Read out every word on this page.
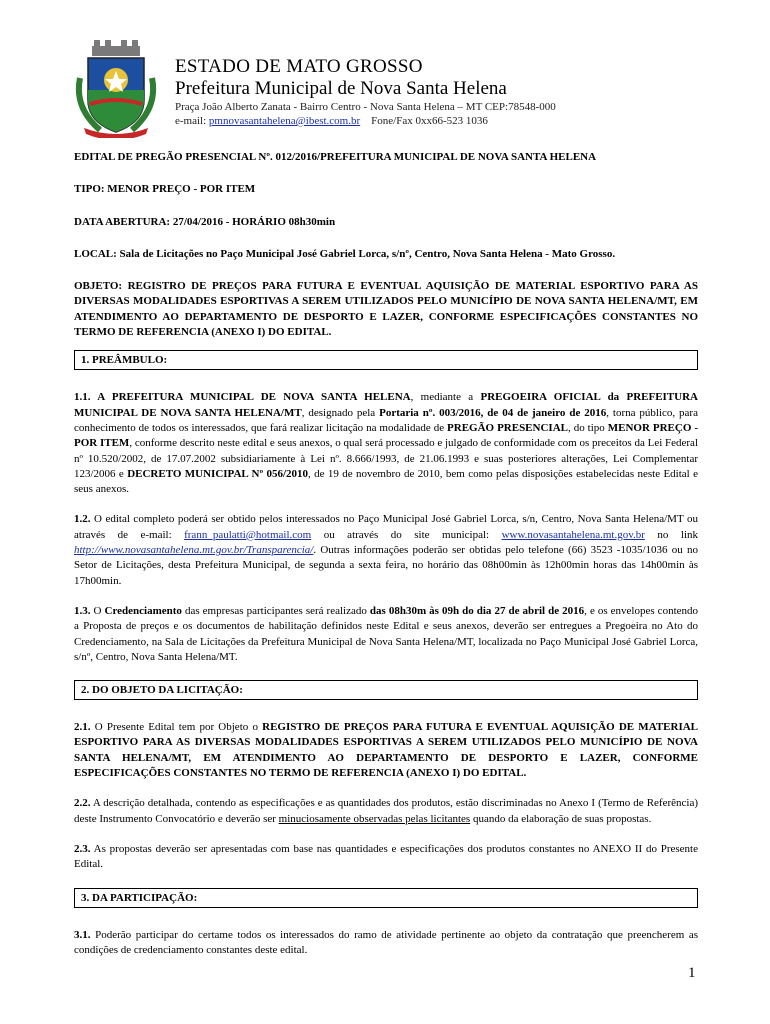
ESTADO DE MATO GROSSO
Prefeitura Municipal de Nova Santa Helena
Praça João Alberto Zanata - Bairro Centro - Nova Santa Helena – MT CEP:78548-000
e-mail: pmnovasantahelena@ibest.com.br Fone/Fax 0xx66-523 1036
EDITAL DE PREGÃO PRESENCIAL Nº. 012/2016/PREFEITURA MUNICIPAL DE NOVA SANTA HELENA
TIPO: MENOR PREÇO - POR ITEM
DATA ABERTURA: 27/04/2016 - HORÁRIO 08h30min
LOCAL: Sala de Licitações no Paço Municipal José Gabriel Lorca, s/nº, Centro, Nova Santa Helena - Mato Grosso.
OBJETO: REGISTRO DE PREÇOS PARA FUTURA E EVENTUAL AQUISIÇÃO DE MATERIAL ESPORTIVO PARA AS DIVERSAS MODALIDADES ESPORTIVAS A SEREM UTILIZADOS PELO MUNICÍPIO DE NOVA SANTA HELENA/MT, EM ATENDIMENTO AO DEPARTAMENTO DE DESPORTO E LAZER, CONFORME ESPECIFICAÇÕES CONSTANTES NO TERMO DE REFERENCIA (ANEXO I) DO EDITAL.
1. PREÂMBULO:

1.1. A PREFEITURA MUNICIPAL DE NOVA SANTA HELENA, mediante a PREGOEIRA OFICIAL da PREFEITURA MUNICIPAL DE NOVA SANTA HELENA/MT, designado pela Portaria nº. 003/2016, de 04 de janeiro de 2016, torna público, para conhecimento de todos os interessados, que fará realizar licitação na modalidade de PREGÃO PRESENCIAL, do tipo MENOR PREÇO - POR ITEM, conforme descrito neste edital e seus anexos, o qual será processado e julgado de conformidade com os preceitos da Lei Federal nº 10.520/2002, de 17.07.2002 subsidiariamente à Lei nº. 8.666/1993, de 21.06.1993 e suas posteriores alterações, Lei Complementar 123/2006 e DECRETO MUNICIPAL Nº 056/2010, de 19 de novembro de 2010, bem como pelas disposições estabelecidas neste Edital e seus anexos.

1.2. O edital completo poderá ser obtido pelos interessados no Paço Municipal José Gabriel Lorca, s/n, Centro, Nova Santa Helena/MT ou através de e-mail: frann_paulatti@hotmail.com ou através do site municipal: www.novasantahelena.mt.gov.br no link http://www.novasantahelena.mt.gov.br/Transparencia/. Outras informações poderão ser obtidas pelo telefone (66) 3523 -1035/1036 ou no Setor de Licitações, desta Prefeitura Municipal, de segunda a sexta feira, no horário das 08h00min às 12h00min horas das 14h00min às 17h00min.

1.3. O Credenciamento das empresas participantes será realizado das 08h30m às 09h do dia 27 de abril de 2016, e os envelopes contendo a Proposta de preços e os documentos de habilitação definidos neste Edital e seus anexos, deverão ser entregues a Pregoeira no Ato do Credenciamento, na Sala de Licitações da Prefeitura Municipal de Nova Santa Helena/MT, localizada no Paço Municipal José Gabriel Lorca, s/nº, Centro, Nova Santa Helena/MT.

2. DO OBJETO DA LICITAÇÃO:

2.1. O Presente Edital tem por Objeto o REGISTRO DE PREÇOS PARA FUTURA E EVENTUAL AQUISIÇÃO DE MATERIAL ESPORTIVO PARA AS DIVERSAS MODALIDADES ESPORTIVAS A SEREM UTILIZADOS PELO MUNICÍPIO DE NOVA SANTA HELENA/MT, EM ATENDIMENTO AO DEPARTAMENTO DE DESPORTO E LAZER, CONFORME ESPECIFICAÇÕES CONSTANTES NO TERMO DE REFERENCIA (ANEXO I) DO EDITAL.

2.2. A descrição detalhada, contendo as especificações e as quantidades dos produtos, estão discriminadas no Anexo I (Termo de Referência) deste Instrumento Convocatório e deverão ser minuciosamente observadas pelas licitantes quando da elaboração de suas propostas.

2.3. As propostas deverão ser apresentadas com base nas quantidades e especificações dos produtos constantes no ANEXO II do Presente Edital.

3. DA PARTICIPAÇÃO:

3.1. Poderão participar do certame todos os interessados do ramo de atividade pertinente ao objeto da contratação que preencherem as condições de credenciamento constantes deste edital.

1
